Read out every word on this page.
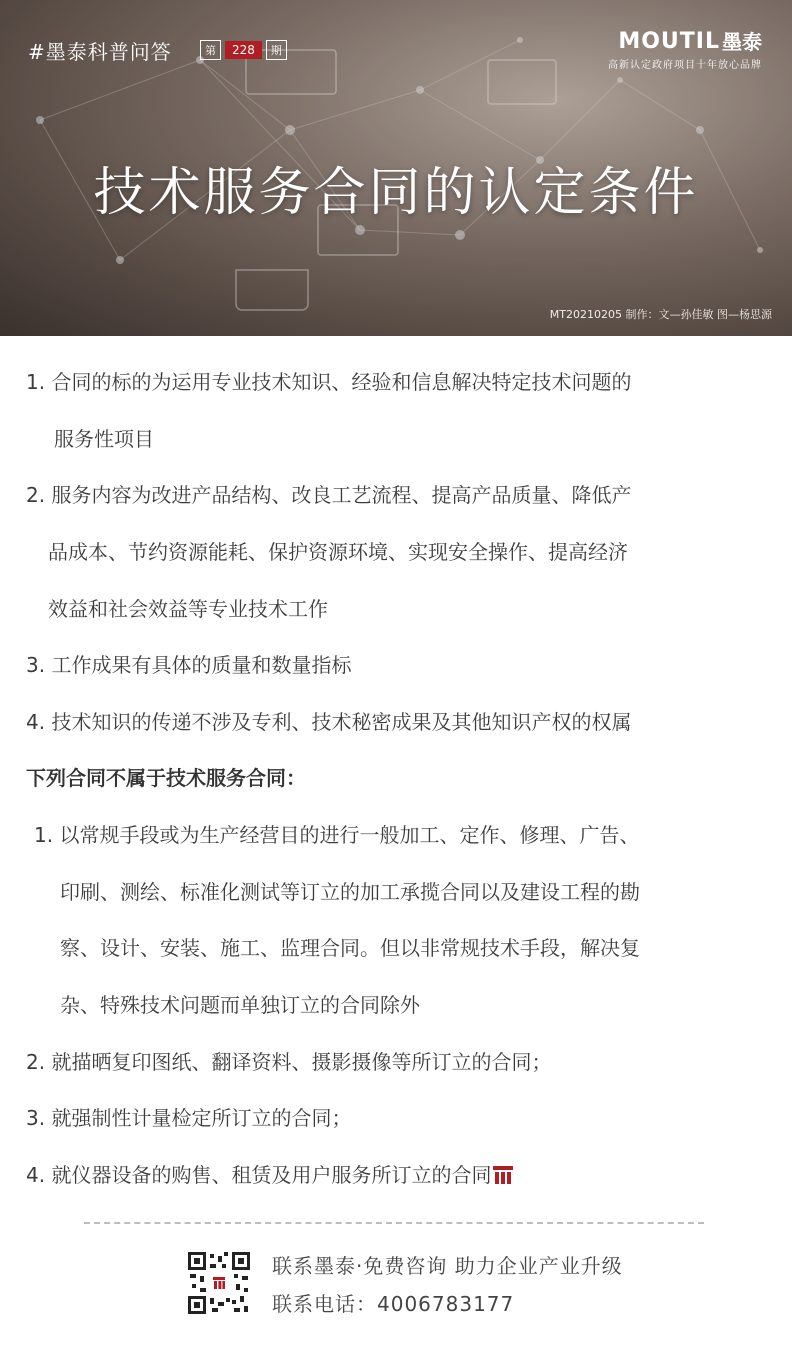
#墨泰科普问答	第	228	期	MOUTIL 墨泰
高新认定政府项目十年放心品牌
技术服务合同的认定条件
MT20210205 制作：文—孙佳敏 图—杨思源
1. 合同的标的为运用专业技术知识、经验和信息解决特定技术问题的
服务性项目
2. 服务内容为改进产品结构、改良工艺流程、提高产品质量、降低产
品成本、节约资源能耗、保护资源环境、实现安全操作、提高经济
效益和社会效益等专业技术工作
3. 工作成果有具体的质量和数量指标
4. 技术知识的传递不涉及专利、技术秘密成果及其他知识产权的权属
下列合同不属于技术服务合同：
1. 以常规手段或为生产经营目的进行一般加工、定作、修理、广告、
印刷、测绘、标准化测试等订立的加工承揽合同以及建设工程的勘
察、设计、安装、施工、监理合同。但以非常规技术手段，解决复
杂、特殊技术问题而单独订立的合同除外
2. 就描晒复印图纸、翻译资料、摄影摄像等所订立的合同；
3. 就强制性计量检定所订立的合同；
4. 就仪器设备的购售、租赁及用户服务所订立的合同
联系墨泰·免费咨询 助力企业产业升级
联系电话：4006783177
